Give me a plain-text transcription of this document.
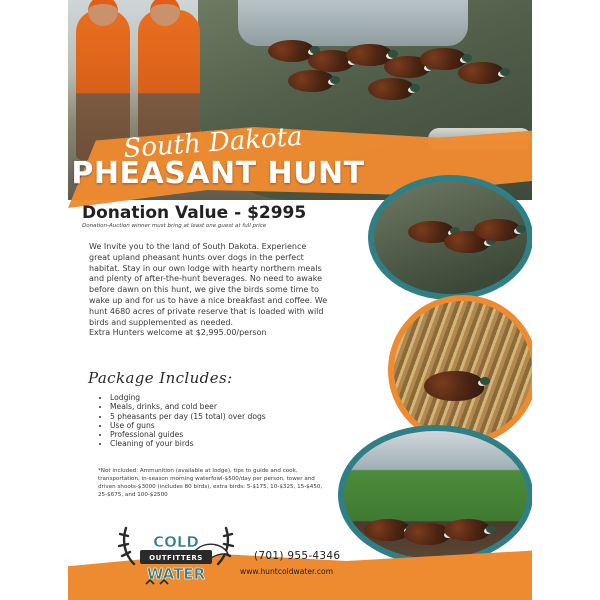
South Dakota
PHEASANT HUNT
Donation Value - $2995
Donation-Auction winner must bring at least one guest at full price
We Invite you to the land of South Dakota. Experience great upland pheasant hunts over dogs in the perfect habitat. Stay in our own lodge with hearty northern meals and plenty of after-the-hunt beverages. No need to awake before dawn on this hunt, we give the birds some time to wake up and for us to have a nice breakfast and coffee. We hunt 4680 acres of private reserve that is loaded with wild birds and supplemented as needed.
Extra Hunters welcome at $2,995.00/person
Package Includes:
• Lodging
• Meals, drinks, and cold beer
• 5 pheasants per day (15 total) over dogs
• Use of guns
• Professional guides
• Cleaning of your birds

*Not included: Ammunition (available at lodge), tips to guide and cook, transportation, in-season morning waterfowl-$500/day per person, tower and driven shoots-$3000 (includes 80 birds), extra birds: 5-$175, 10-$325, 15-$450, 25-$675, and 100-$2500

COLD
OUTFITTERS
WATER
(701) 955-4346
www.huntcoldwater.com
